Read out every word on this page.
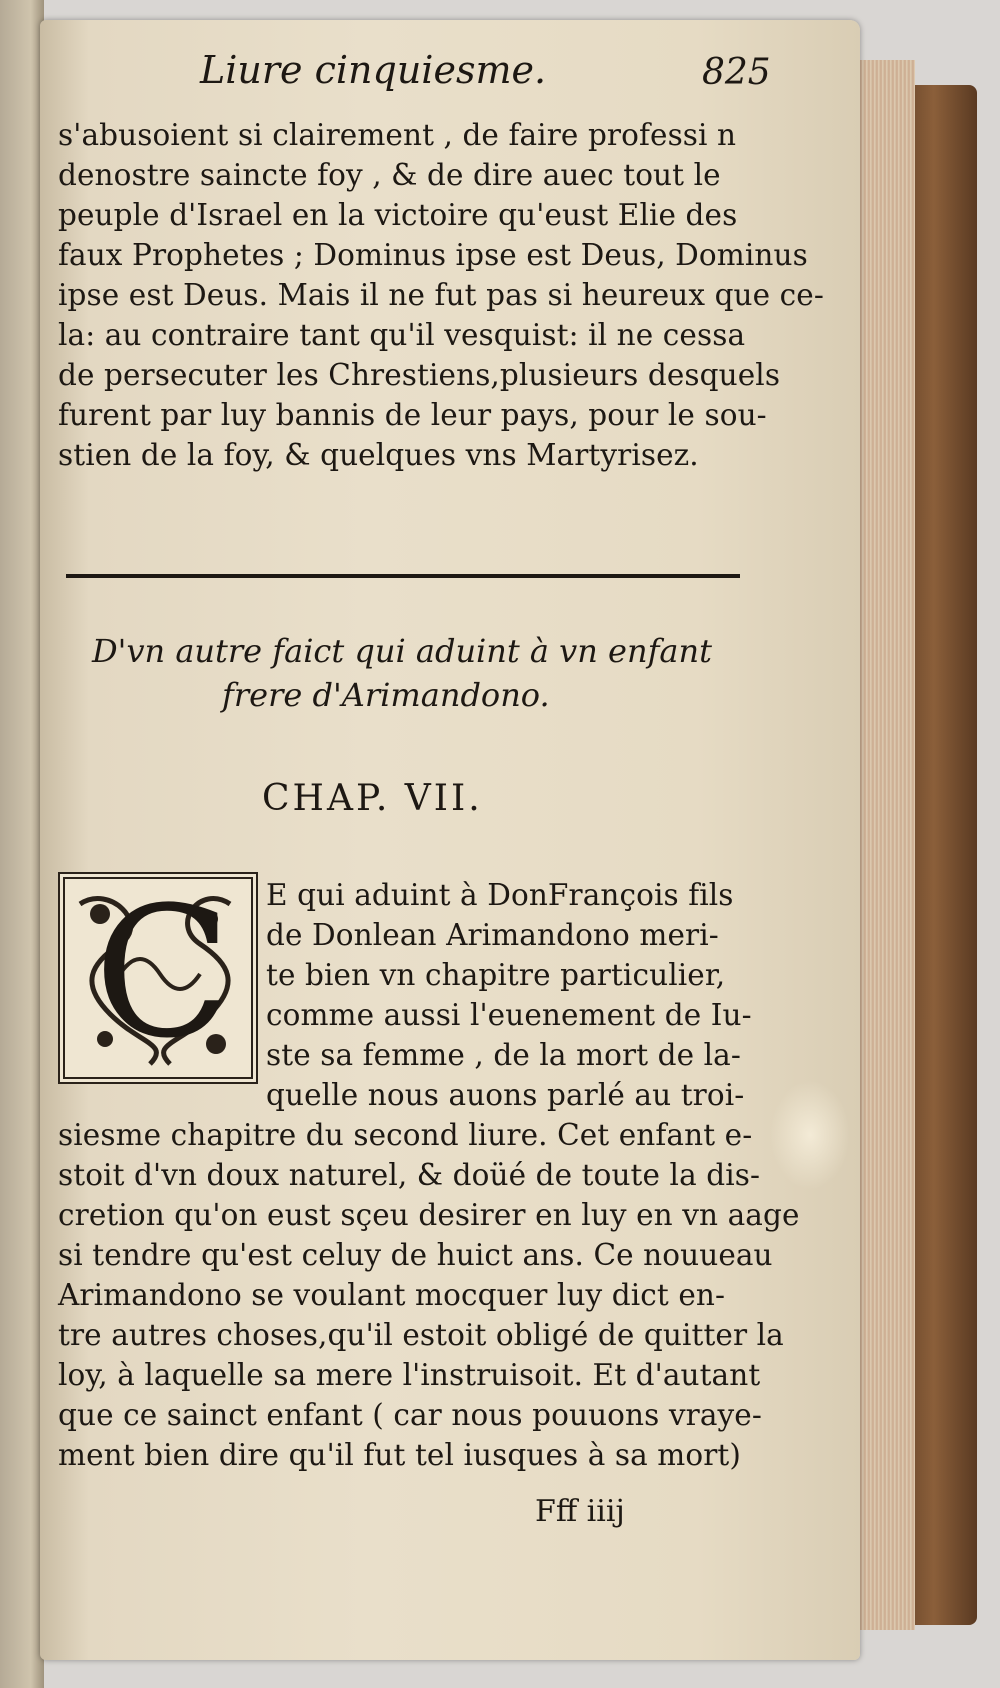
Liure cinquiesme.	825
s'abusoient si clairement , de faire professi n
denostre saincte foy , & de dire auec tout le
peuple d'Israel en la victoire qu'eust Elie des
faux Prophetes ; Dominus ipse est Deus, Dominus
ipse est Deus. Mais il ne fut pas si heureux que ce-
la: au contraire tant qu'il vesquist: il ne cessa
de persecuter les Chrestiens,plusieurs desquels
furent par luy bannis de leur pays, pour le sou-
stien de la foy, & quelques vns Martyrisez.
D'vn autre faict qui aduint à vn enfant
frere d'Arimandono.
CHAP. VII.
C E qui aduint à DonFrançois fils
de Donlean Arimandono meri-
te bien vn chapitre particulier,
comme aussi l'euenement de Iu-
ste sa femme , de la mort de la-
quelle nous auons parlé au troi-
siesme chapitre du second liure. Cet enfant e-
stoit d'vn doux naturel, & doüé de toute la dis-
cretion qu'on eust sçeu desirer en luy en vn aage
si tendre qu'est celuy de huict ans. Ce nouueau
Arimandono se voulant mocquer luy dict en-
tre autres choses,qu'il estoit obligé de quitter la
loy, à laquelle sa mere l'instruisoit. Et d'autant
que ce sainct enfant ( car nous pouuons vraye-
ment bien dire qu'il fut tel iusques à sa mort)
Fff iiij
